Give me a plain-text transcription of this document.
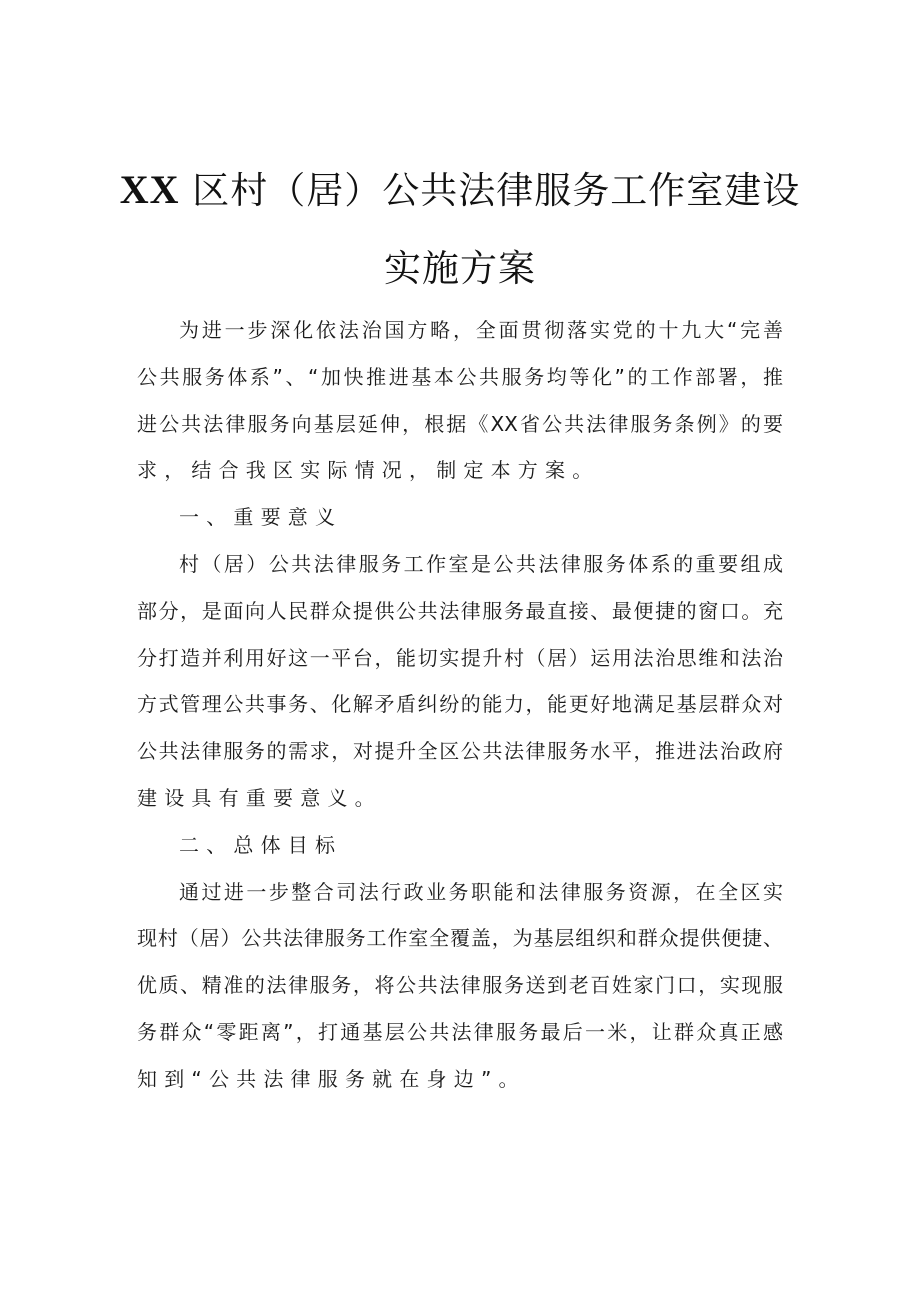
XX 区村（居）公共法律服务工作室建设
实施方案
为进一步深化依法治国方略，全面贯彻落实党的十九大“完善
公共服务体系”、“加快推进基本公共服务均等化”的工作部署，推
进公共法律服务向基层延伸，根据《XX省公共法律服务条例》的要
求，结合我区实际情况，制定本方案。
一、重要意义
村（居）公共法律服务工作室是公共法律服务体系的重要组成
部分，是面向人民群众提供公共法律服务最直接、最便捷的窗口。充
分打造并利用好这一平台，能切实提升村（居）运用法治思维和法治
方式管理公共事务、化解矛盾纠纷的能力，能更好地满足基层群众对
公共法律服务的需求，对提升全区公共法律服务水平，推进法治政府
建设具有重要意义。
二、总体目标
通过进一步整合司法行政业务职能和法律服务资源，在全区实
现村（居）公共法律服务工作室全覆盖，为基层组织和群众提供便捷、
优质、精准的法律服务，将公共法律服务送到老百姓家门口，实现服
务群众“零距离”，打通基层公共法律服务最后一米，让群众真正感
知到“公共法律服务就在身边”。
